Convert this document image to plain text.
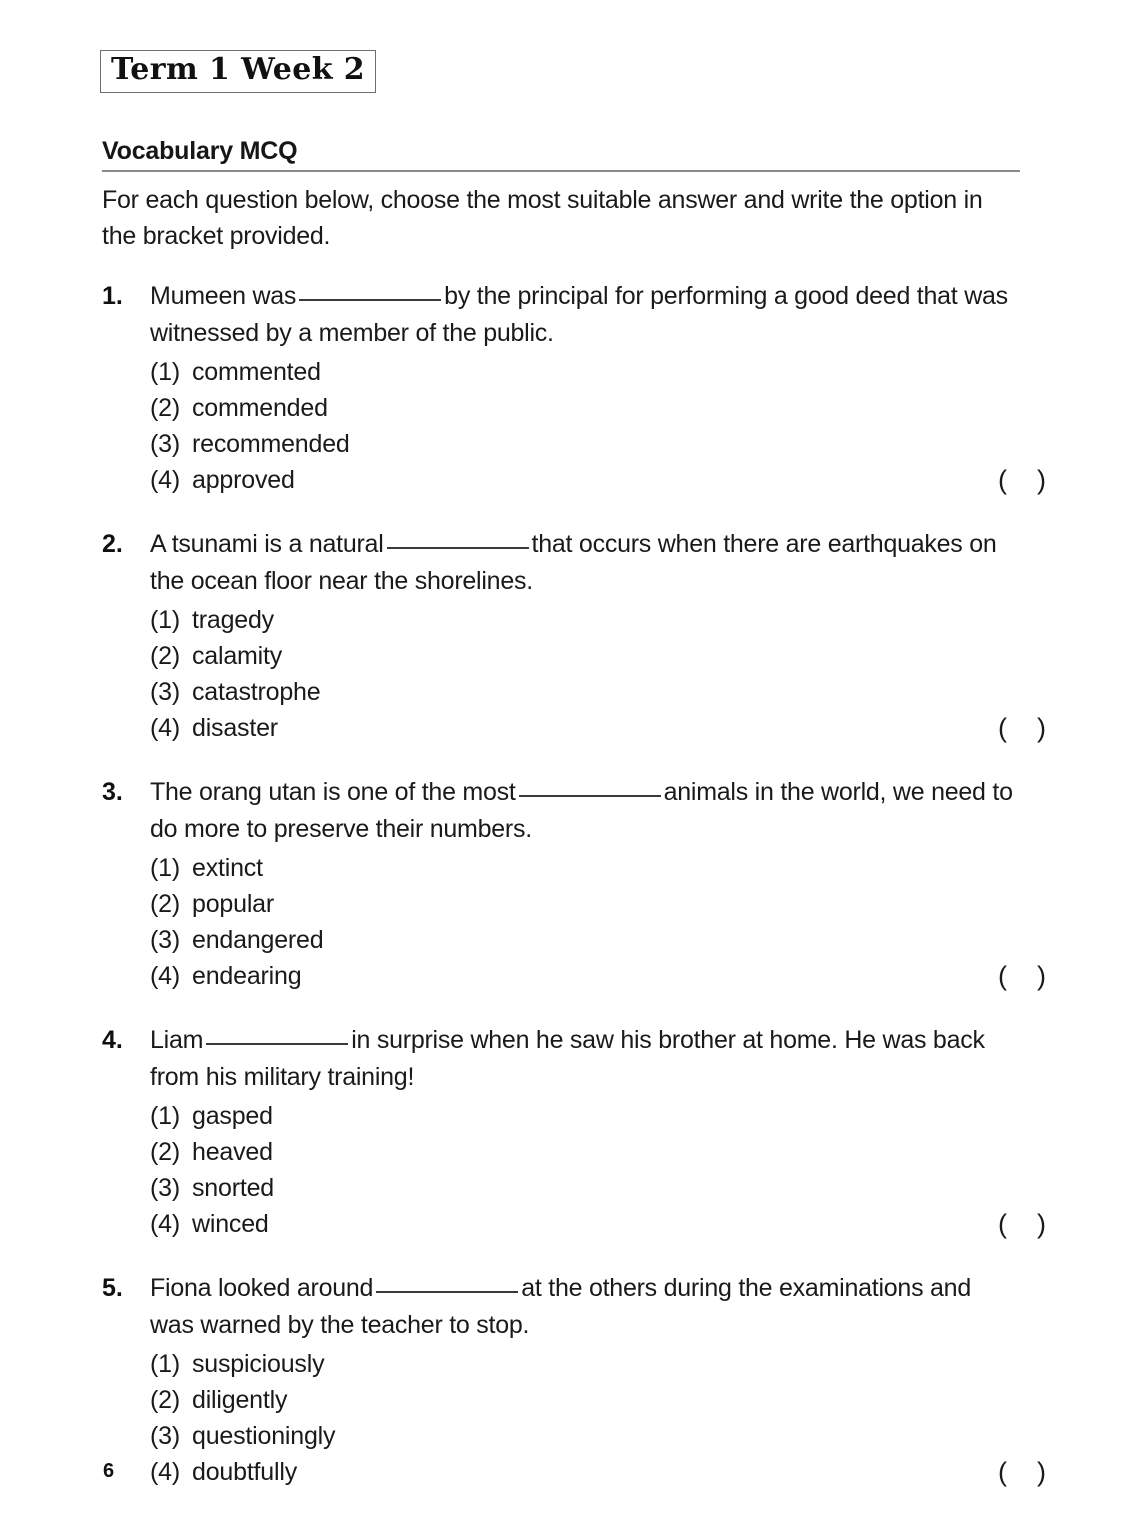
Term 1 Week 2
Vocabulary MCQ
For each question below, choose the most suitable answer and write the option in the bracket provided.
1.	Mumeen was	by the principal for performing a good deed that was witnessed by a member of the public.
(1) commented
(2) commended
(3) recommended
(4) approved	(    )
2.	A tsunami is a natural	that occurs when there are earthquakes on the ocean floor near the shorelines.
(1) tragedy
(2) calamity
(3) catastrophe
(4) disaster	(    )
3.	The orang utan is one of the most	animals in the world, we need to do more to preserve their numbers.
(1) extinct
(2) popular
(3) endangered
(4) endearing	(    )
4.	Liam	in surprise when he saw his brother at home. He was back from his military training!
(1) gasped
(2) heaved
(3) snorted
(4) winced	(    )
5.	Fiona looked around	at the others during the examinations and was warned by the teacher to stop.
(1) suspiciously
(2) diligently
(3) questioningly
(4) doubtfully	(    )
6
